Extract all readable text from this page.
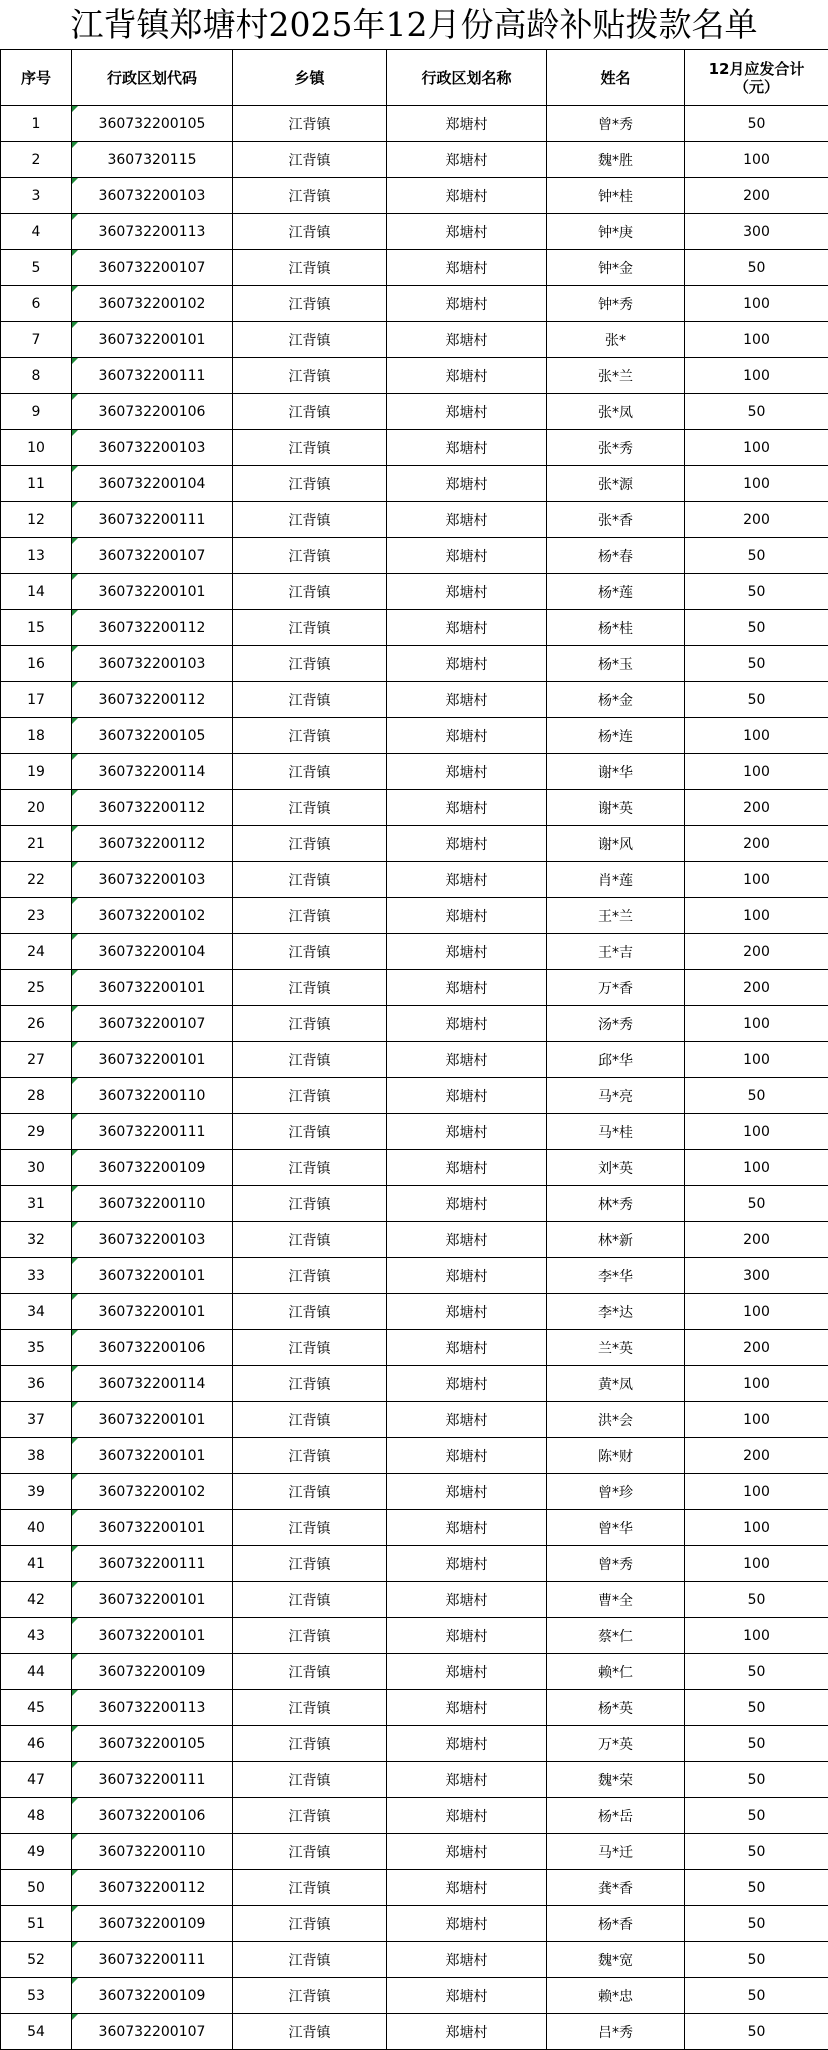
江背镇郑塘村2025年12月份高龄补贴拨款名单
序号	行政区划代码	乡镇	行政区划名称	姓名	12月应发合计
（元）

1	360732200105	江背镇	郑塘村	曾*秀	50
2	3607320115	江背镇	郑塘村	魏*胜	100
3	360732200103	江背镇	郑塘村	钟*桂	200
4	360732200113	江背镇	郑塘村	钟*庚	300
5	360732200107	江背镇	郑塘村	钟*金	50
6	360732200102	江背镇	郑塘村	钟*秀	100
7	360732200101	江背镇	郑塘村	张*	100
8	360732200111	江背镇	郑塘村	张*兰	100
9	360732200106	江背镇	郑塘村	张*凤	50
10	360732200103	江背镇	郑塘村	张*秀	100
11	360732200104	江背镇	郑塘村	张*源	100
12	360732200111	江背镇	郑塘村	张*香	200
13	360732200107	江背镇	郑塘村	杨*春	50
14	360732200101	江背镇	郑塘村	杨*莲	50
15	360732200112	江背镇	郑塘村	杨*桂	50
16	360732200103	江背镇	郑塘村	杨*玉	50
17	360732200112	江背镇	郑塘村	杨*金	50
18	360732200105	江背镇	郑塘村	杨*连	100
19	360732200114	江背镇	郑塘村	谢*华	100
20	360732200112	江背镇	郑塘村	谢*英	200
21	360732200112	江背镇	郑塘村	谢*风	200
22	360732200103	江背镇	郑塘村	肖*莲	100
23	360732200102	江背镇	郑塘村	王*兰	100
24	360732200104	江背镇	郑塘村	王*吉	200
25	360732200101	江背镇	郑塘村	万*香	200
26	360732200107	江背镇	郑塘村	汤*秀	100
27	360732200101	江背镇	郑塘村	邱*华	100
28	360732200110	江背镇	郑塘村	马*亮	50
29	360732200111	江背镇	郑塘村	马*桂	100
30	360732200109	江背镇	郑塘村	刘*英	100
31	360732200110	江背镇	郑塘村	林*秀	50
32	360732200103	江背镇	郑塘村	林*新	200
33	360732200101	江背镇	郑塘村	李*华	300
34	360732200101	江背镇	郑塘村	李*达	100
35	360732200106	江背镇	郑塘村	兰*英	200
36	360732200114	江背镇	郑塘村	黄*凤	100
37	360732200101	江背镇	郑塘村	洪*会	100
38	360732200101	江背镇	郑塘村	陈*财	200
39	360732200102	江背镇	郑塘村	曾*珍	100
40	360732200101	江背镇	郑塘村	曾*华	100
41	360732200111	江背镇	郑塘村	曾*秀	100
42	360732200101	江背镇	郑塘村	曹*全	50
43	360732200101	江背镇	郑塘村	蔡*仁	100
44	360732200109	江背镇	郑塘村	赖*仁	50
45	360732200113	江背镇	郑塘村	杨*英	50
46	360732200105	江背镇	郑塘村	万*英	50
47	360732200111	江背镇	郑塘村	魏*荣	50
48	360732200106	江背镇	郑塘村	杨*岳	50
49	360732200110	江背镇	郑塘村	马*迁	50
50	360732200112	江背镇	郑塘村	龚*香	50
51	360732200109	江背镇	郑塘村	杨*香	50
52	360732200111	江背镇	郑塘村	魏*宽	50
53	360732200109	江背镇	郑塘村	赖*忠	50
54	360732200107	江背镇	郑塘村	吕*秀	50
